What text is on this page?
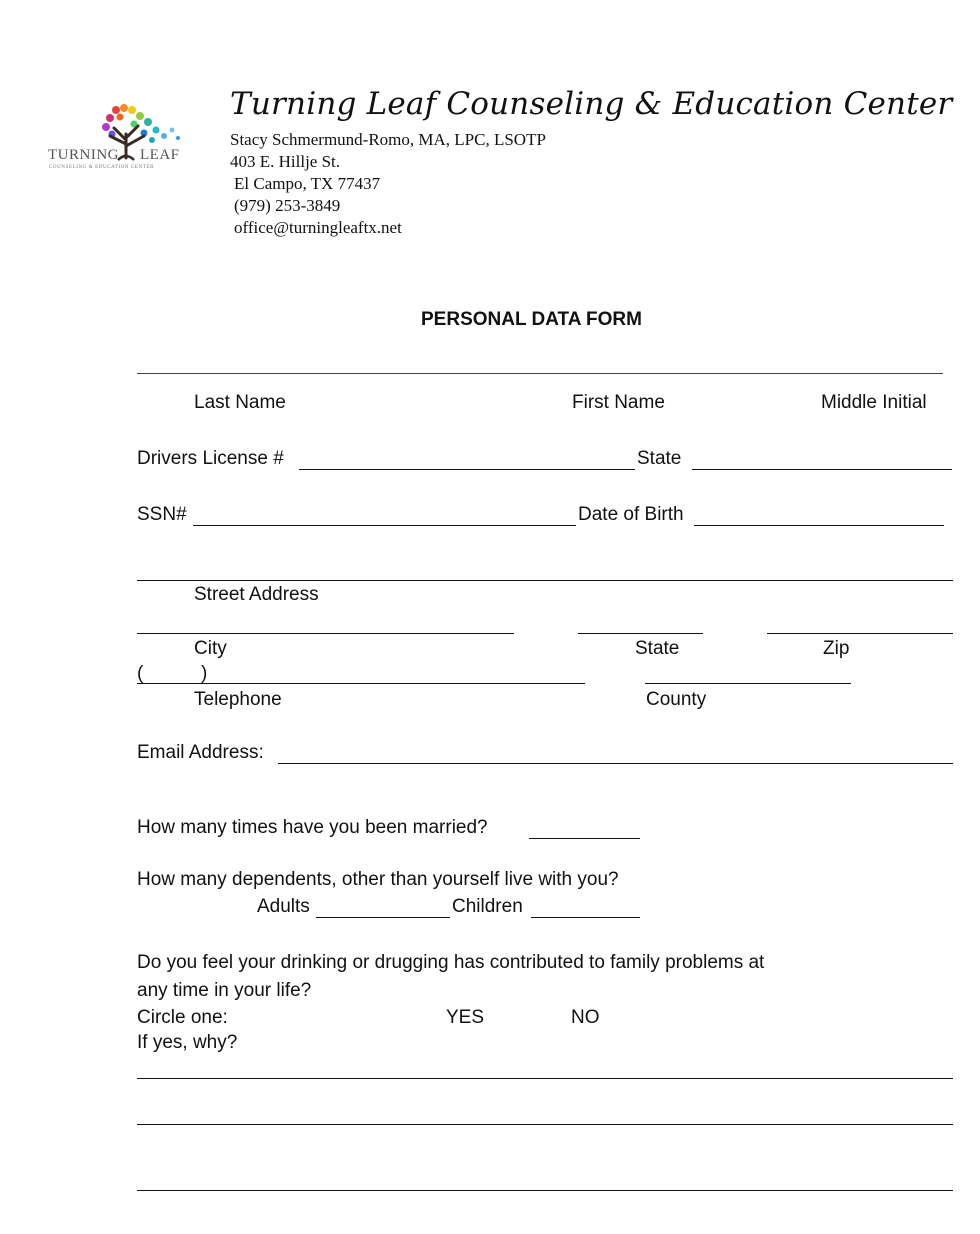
TURNING LEAF
COUNSELING & EDUCATION CENTER
Turning Leaf Counseling & Education Center
Stacy Schmermund-Romo, MA, LPC, LSOTP
403 E. Hillje St.
El Campo, TX 77437
(979) 253-3849
office@turningleaftx.net
PERSONAL DATA FORM
Last Name	First Name	Middle Initial
Drivers License #	State
SSN#	Date of Birth
Street Address
City	State	Zip
(	)
Telephone	County
Email Address:
How many times have you been married?
How many dependents, other than yourself live with you?
Adults	Children
Do you feel your drinking or drugging has contributed to family problems at
any time in your life?
Circle one:	YES	NO
If yes, why?
